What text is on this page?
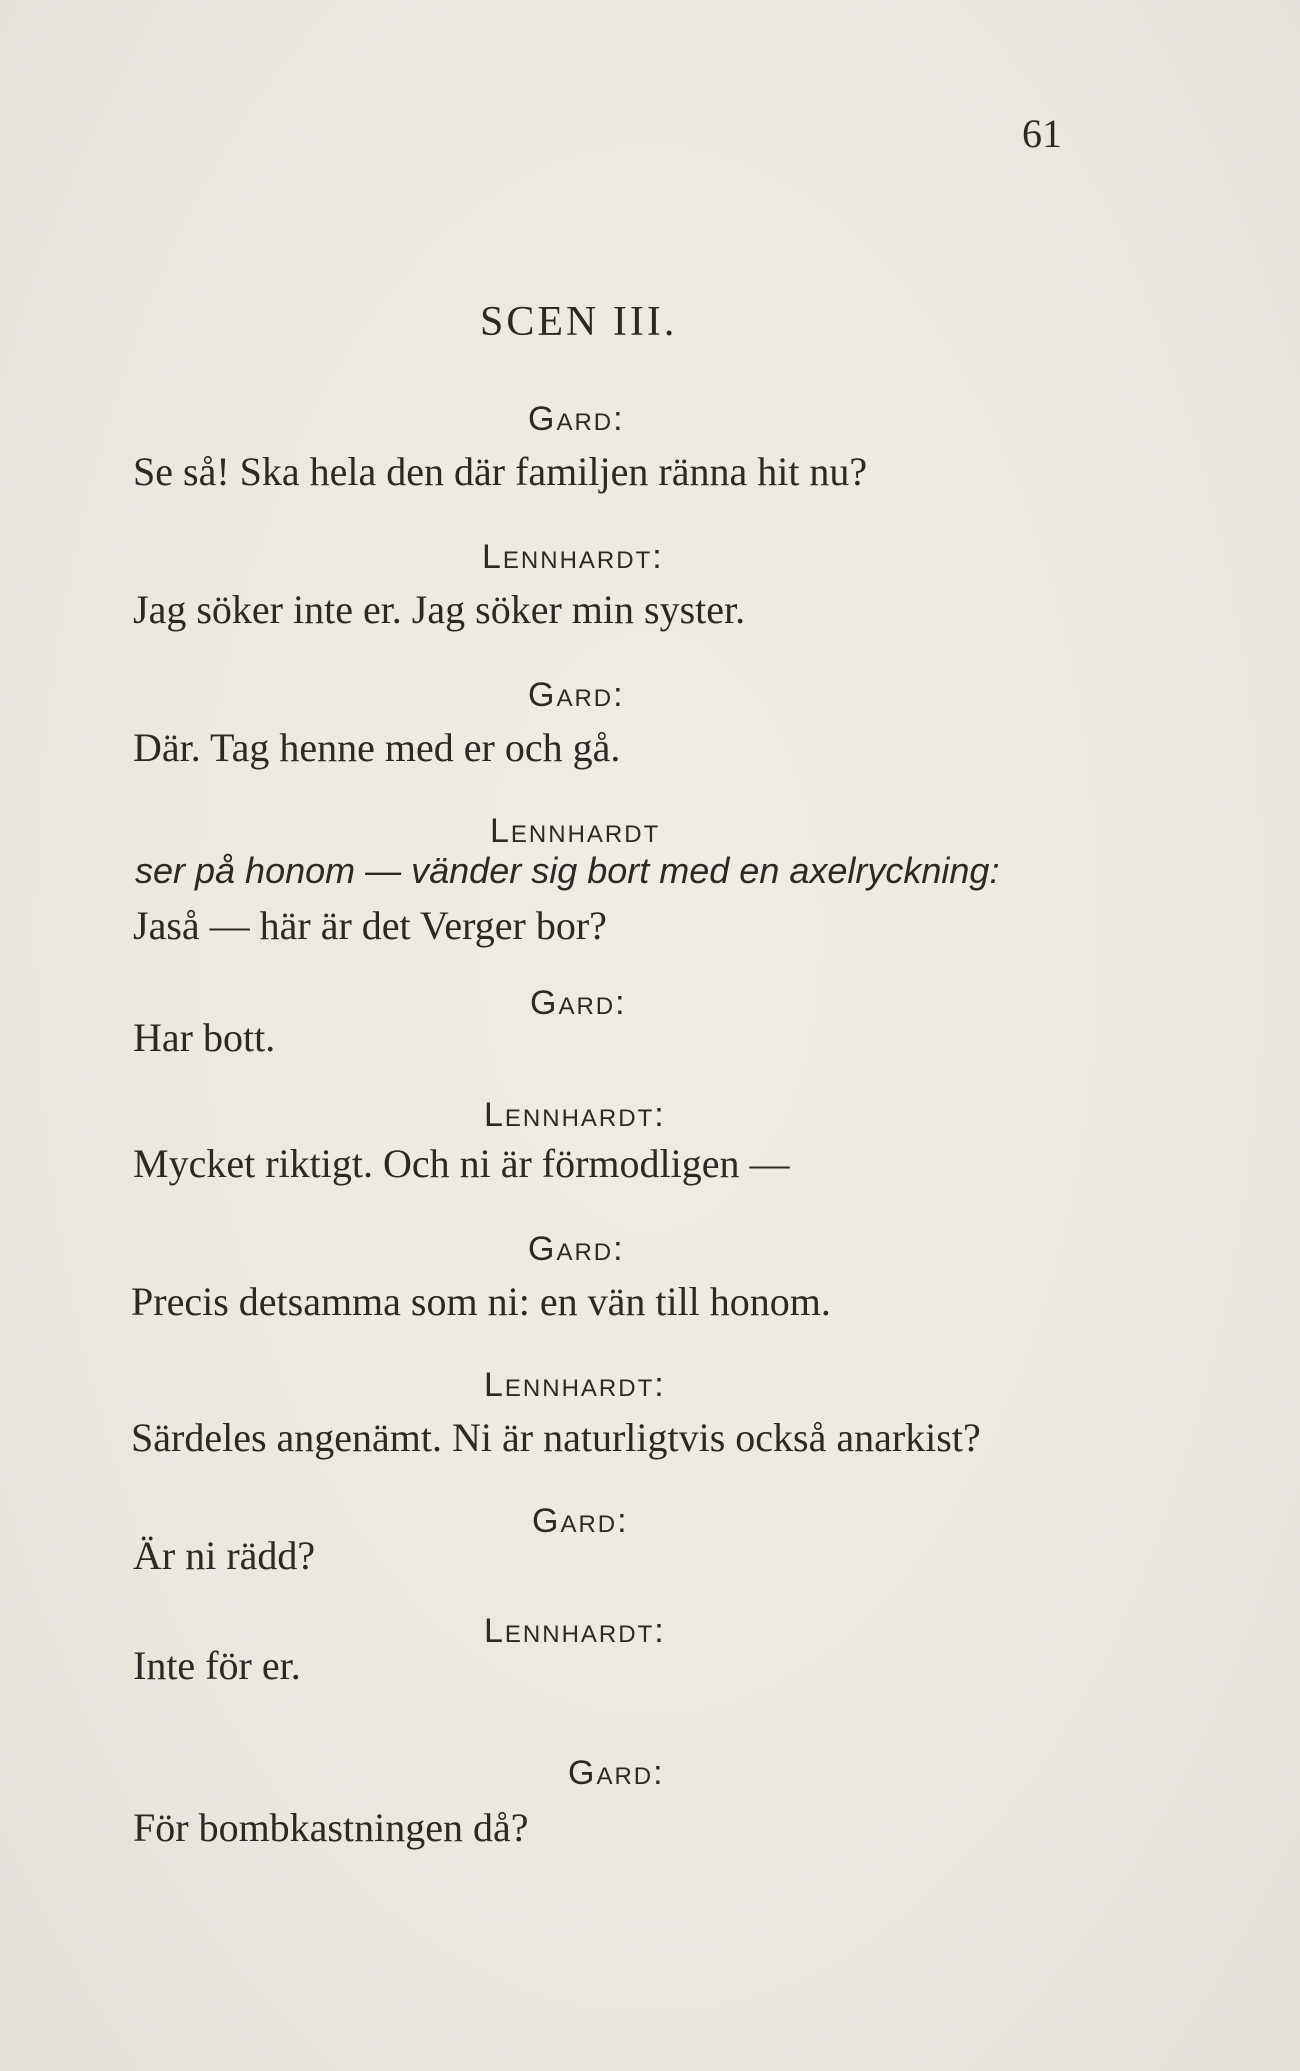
61
SCEN III.
Gard:
Se så! Ska hela den där familjen ränna hit nu?
Lennhardt:
Jag söker inte er. Jag söker min syster.
Gard:
Där. Tag henne med er och gå.
Lennhardt
ser på honom — vänder sig bort med en axelryckning:
Jaså — här är det Verger bor?
Gard:
Har bott.
Lennhardt:
Mycket riktigt. Och ni är förmodligen —
Gard:
Precis detsamma som ni: en vän till honom.
Lennhardt:
Särdeles angenämt. Ni är naturligtvis också anarkist?
Gard:
Är ni rädd?
Lennhardt:
Inte för er.
Gard:
För bombkastningen då?
